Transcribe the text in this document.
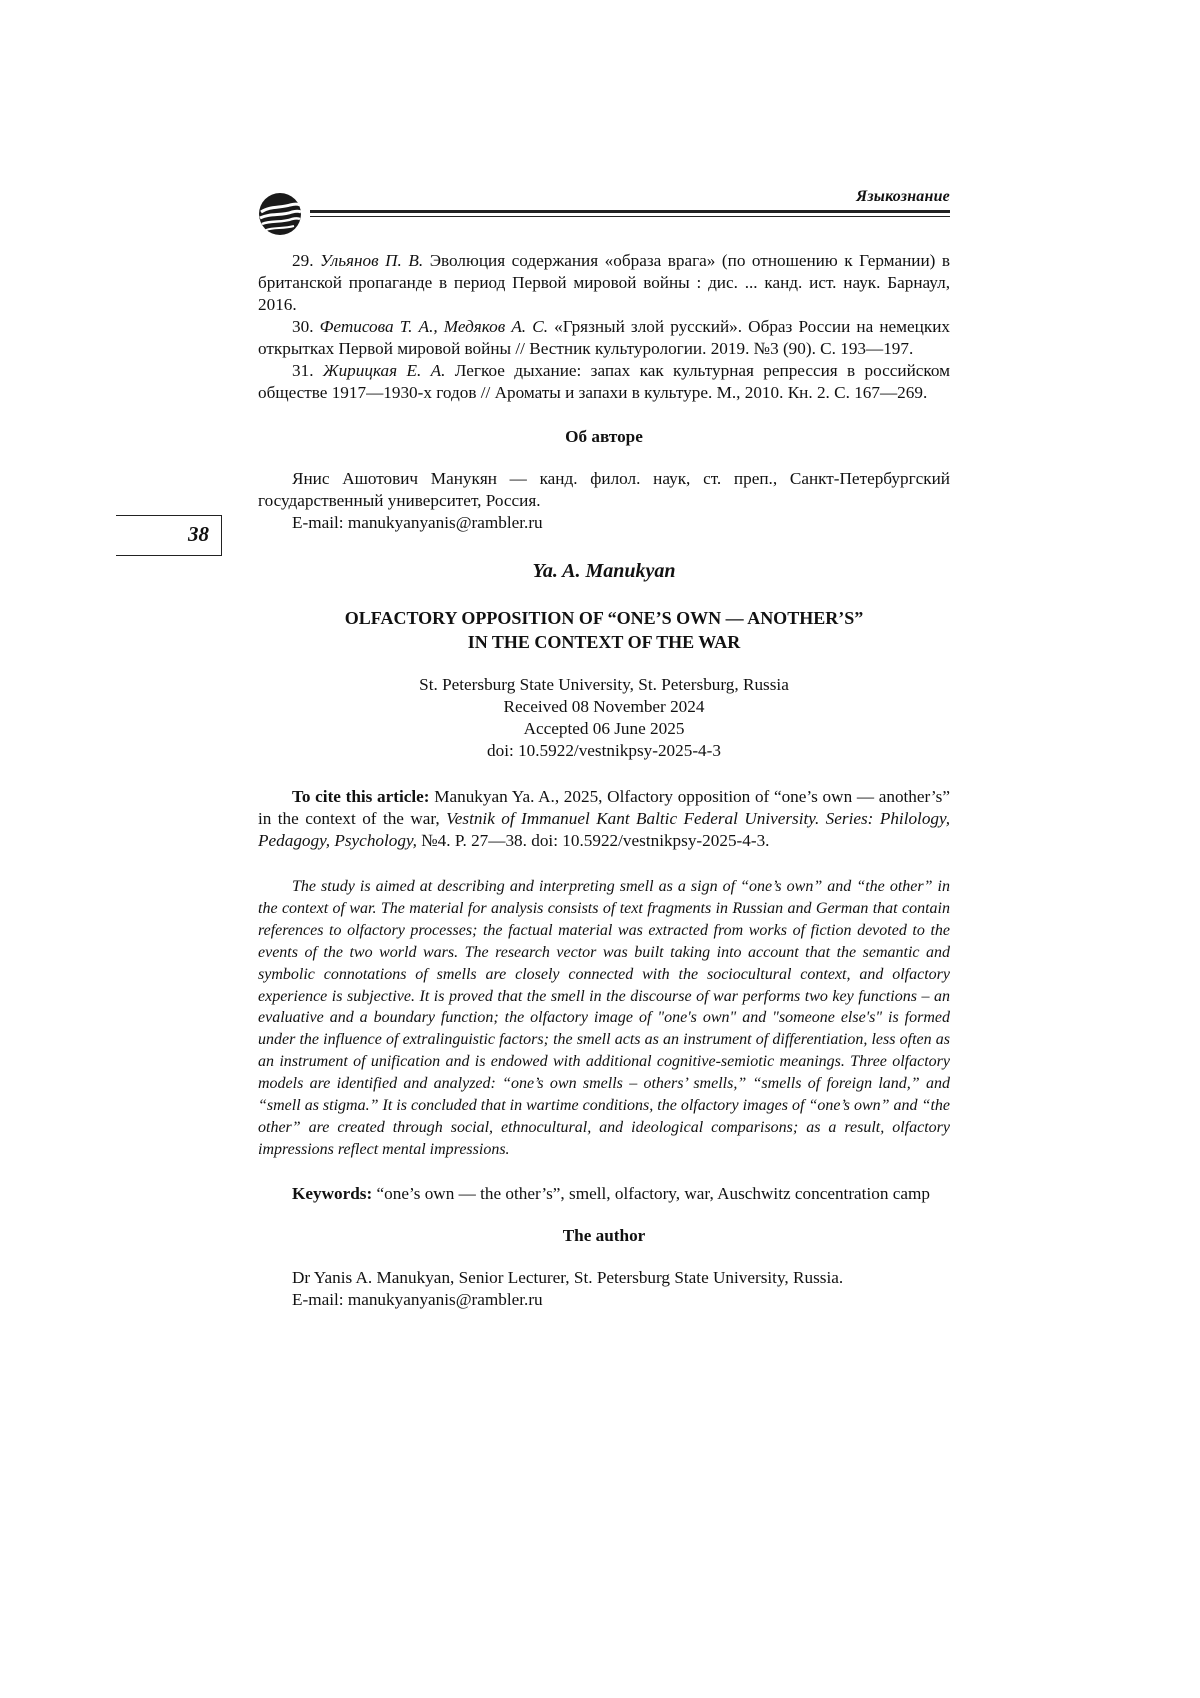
Языкознание
38

29. Ульянов П. В. Эволюция содержания «образа врага» (по отношению к Германии) в британской пропаганде в период Первой мировой войны : дис. ... канд. ист. наук. Барнаул, 2016.

30. Фетисова Т. А., Медяков А. С. «Грязный злой русский». Образ России на немецких открытках Первой мировой войны // Вестник культурологии. 2019. №3 (90). С. 193—197.

31. Жирицкая Е. А. Легкое дыхание: запах как культурная репрессия в российском обществе 1917—1930-х годов // Ароматы и запахи в культуре. М., 2010. Кн. 2. С. 167—269.

Об авторе

Янис Ашотович Манукян — канд. филол. наук, ст. преп., Санкт-Петербургский государственный университет, Россия.

E-mail: manukyanyanis@rambler.ru

Ya. A. Manukyan
OLFACTORY OPPOSITION OF “ONE’S OWN — ANOTHER’S”
IN THE CONTEXT OF THE WAR

St. Petersburg State University, St. Petersburg, Russia

Received 08 November 2024

Accepted 06 June 2025

doi: 10.5922/vestnikpsy-2025-4-3

To cite this article: Manukyan Ya. A., 2025, Olfactory opposition of “one’s own — another’s” in the context of the war, Vestnik of Immanuel Kant Baltic Federal University. Series: Philology, Pedagogy, Psychology, №4. P. 27—38. doi: 10.5922/vestnikpsy-2025-4-3.

The study is aimed at describing and interpreting smell as a sign of “one’s own” and “the other” in the context of war. The material for analysis consists of text fragments in Russian and German that contain references to olfactory processes; the factual material was extracted from works of fiction devoted to the events of the two world wars. The research vector was built taking into account that the semantic and symbolic connotations of smells are closely connected with the sociocultural context, and olfactory experience is subjective. It is proved that the smell in the discourse of war performs two key functions – an evaluative and a boundary function; the olfactory image of "one's own" and "someone else's" is formed under the influence of extralinguistic factors; the smell acts as an instrument of differentiation, less often as an instrument of unification and is endowed with additional cognitive-semiotic meanings. Three olfactory models are identified and analyzed: “one’s own smells – others’ smells,” “smells of foreign land,” and “smell as stigma.” It is concluded that in wartime conditions, the olfactory images of “one’s own” and “the other” are created through social, ethnocultural, and ideological comparisons; as a result, olfactory impressions reflect mental impressions.

Keywords: “one’s own — the other’s”, smell, olfactory, war, Auschwitz concentration camp

The author

Dr Yanis A. Manukyan, Senior Lecturer, St. Petersburg State University, Russia.

E-mail: manukyanyanis@rambler.ru
